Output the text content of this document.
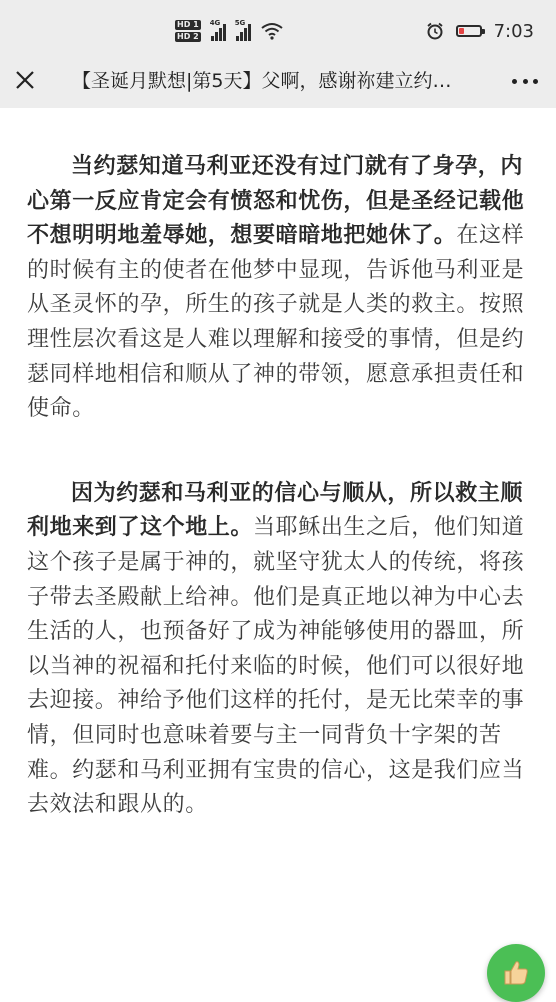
HD 1
HD 2
4G 5G	7:03
【圣诞月默想|第5天】父啊，感谢祢建立约…

当约瑟知道马利亚还没有过门就有了身孕，内心第一反应肯定会有愤怒和忧伤，但是圣经记载他不想明明地羞辱她，想要暗暗地把她休了。在这样的时候有主的使者在他梦中显现，告诉他马利亚是从圣灵怀的孕，所生的孩子就是人类的救主。按照理性层次看这是人难以理解和接受的事情，但是约瑟同样地相信和顺从了神的带领，愿意承担责任和使命。

因为约瑟和马利亚的信心与顺从，所以救主顺利地来到了这个地上。当耶稣出生之后，他们知道这个孩子是属于神的，就坚守犹太人的传统，将孩子带去圣殿献上给神。他们是真正地以神为中心去生活的人，也预备好了成为神能够使用的器皿，所以当神的祝福和托付来临的时候，他们可以很好地去迎接。神给予他们这样的托付，是无比荣幸的事情，但同时也意味着要与主一同背负十字架的苦难。约瑟和马利亚拥有宝贵的信心，这是我们应当去效法和跟从的。
